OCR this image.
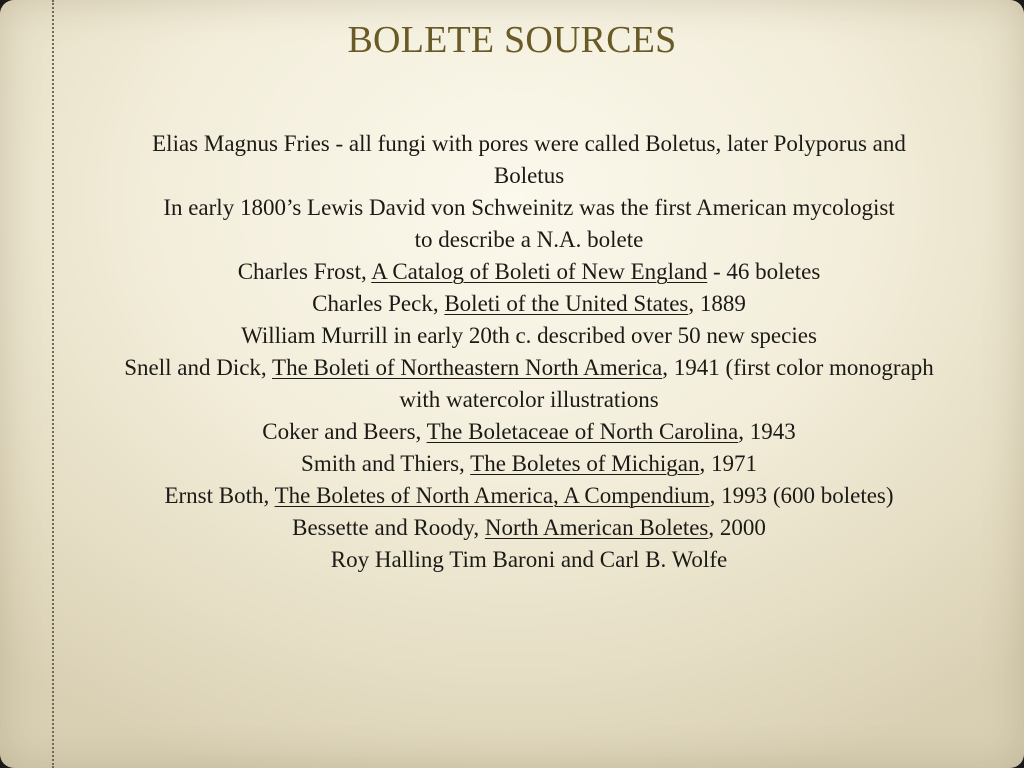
BOLETE SOURCES
Elias Magnus Fries - all fungi with pores were called Boletus, later Polyporus and
Boletus
In early 1800’s Lewis David von Schweinitz was the first American mycologist
to describe a N.A. bolete
Charles Frost, A Catalog of Boleti of New England - 46 boletes
Charles Peck, Boleti of the United States, 1889
William Murrill in early 20th c. described over 50 new species
Snell and Dick, The Boleti of Northeastern North America, 1941 (first color monograph
with watercolor illustrations
Coker and Beers, The Boletaceae of North Carolina, 1943
Smith and Thiers, The Boletes of Michigan, 1971
Ernst Both, The Boletes of North America, A Compendium, 1993 (600 boletes)
Bessette and Roody, North American Boletes, 2000
Roy Halling Tim Baroni and Carl B. Wolfe
